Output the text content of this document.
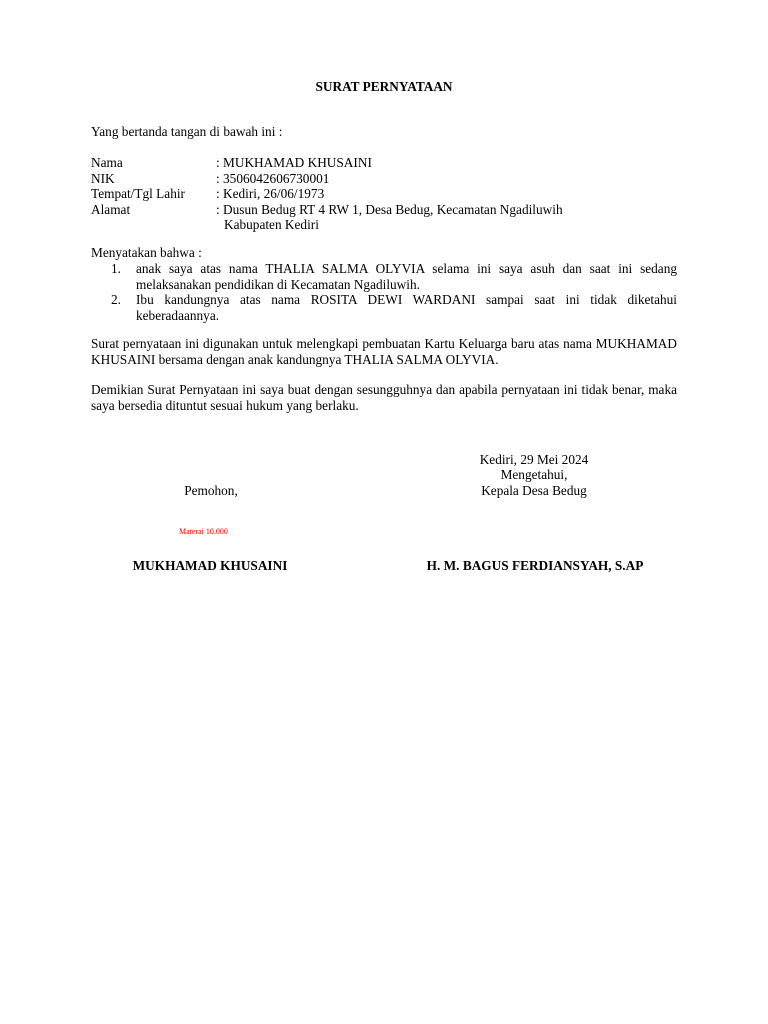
SURAT PERNYATAAN
Yang bertanda tangan di bawah ini :
Nama	: MUKHAMAD KHUSAINI
NIK	: 3506042606730001
Tempat/Tgl Lahir : Kediri, 26/06/1973
Alamat	: Dusun Bedug RT 4 RW 1, Desa Bedug, Kecamatan Ngadiluwih
Kabupaten Kediri
Menyatakan bahwa :
1. anak saya atas nama THALIA SALMA OLYVIA selama ini saya asuh dan saat ini sedang melaksanakan pendidikan di Kecamatan Ngadiluwih.
2. Ibu kandungnya atas nama ROSITA DEWI WARDANI sampai saat ini tidak diketahui keberadaannya.
Surat pernyataan ini digunakan untuk melengkapi pembuatan Kartu Keluarga baru atas nama MUKHAMAD KHUSAINI bersama dengan anak kandungnya THALIA SALMA OLYVIA.
Demikian Surat Pernyataan ini saya buat dengan sesungguhnya dan apabila pernyataan ini tidak benar, maka saya bersedia dituntut sesuai hukum yang berlaku.
Kediri, 29 Mei 2024
Mengetahui,
Kepala Desa Bedug
Pemohon,
Materai 10.000
MUKHAMAD KHUSAINI	H. M. BAGUS FERDIANSYAH, S.AP
